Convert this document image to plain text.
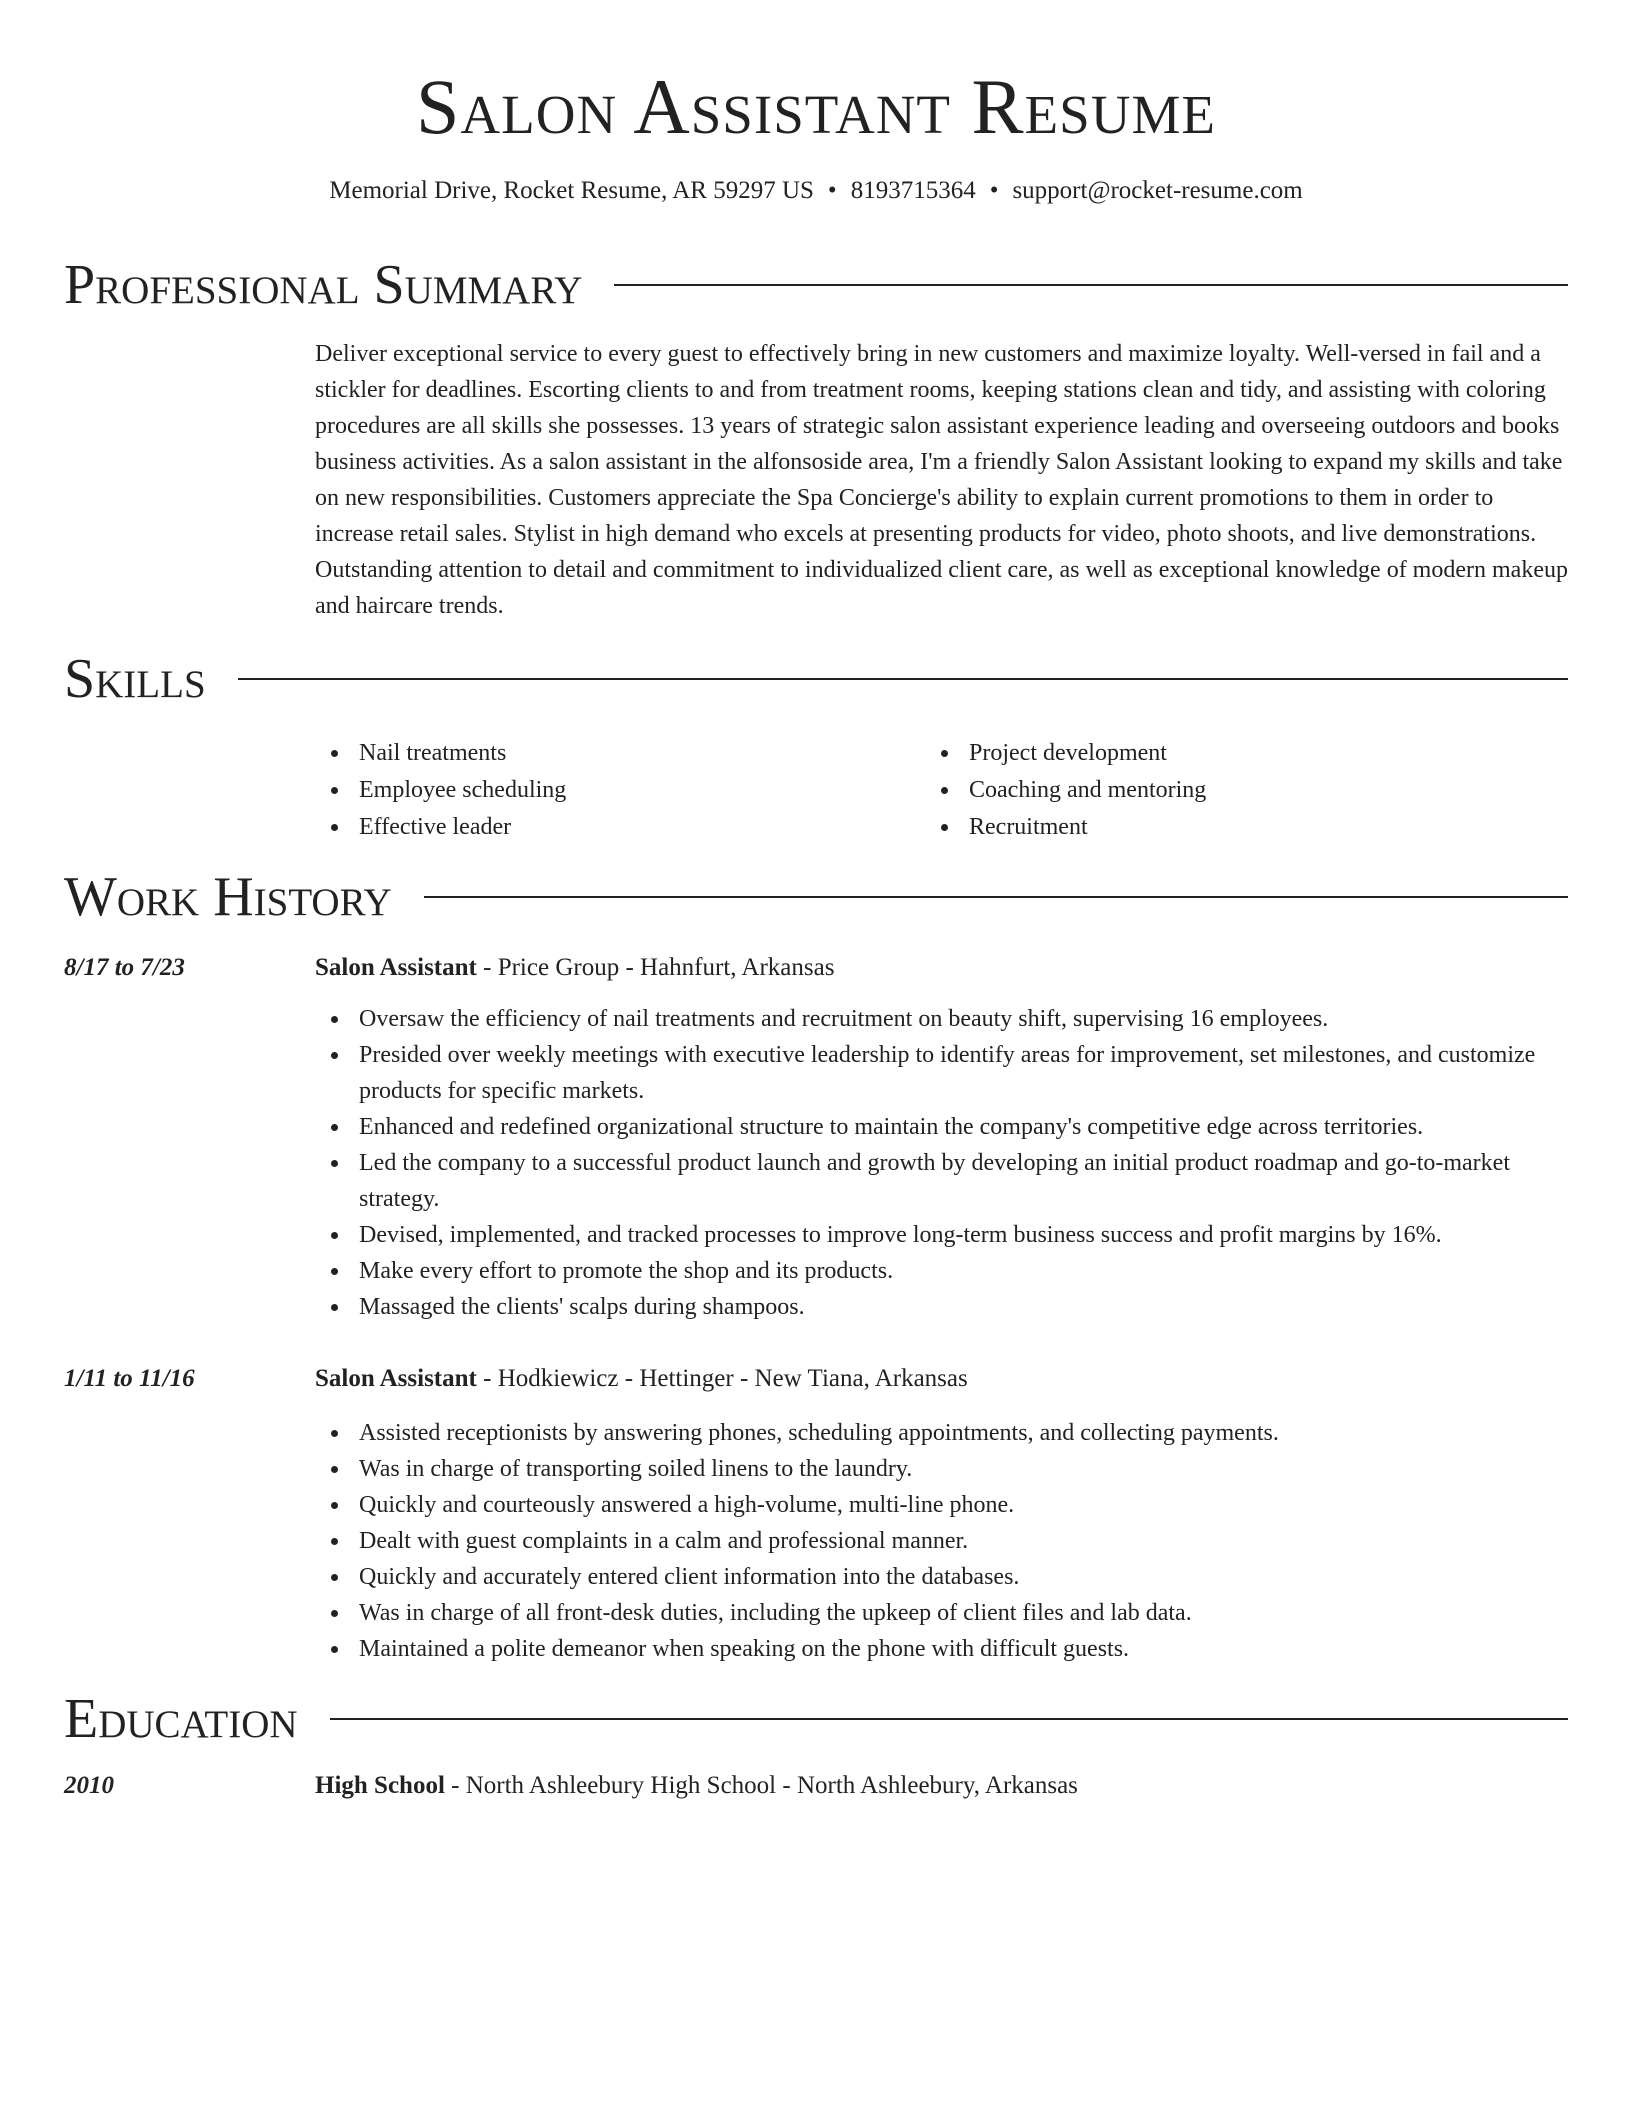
Salon Assistant Resume
Memorial Drive, Rocket Resume, AR 59297 US • 8193715364 • support@rocket-resume.com
Professional Summary

Deliver exceptional service to every guest to effectively bring in new customers and maximize loyalty. Well-versed in fail and a stickler for deadlines. Escorting clients to and from treatment rooms, keeping stations clean and tidy, and assisting with coloring procedures are all skills she possesses. 13 years of strategic salon assistant experience leading and overseeing outdoors and books business activities. As a salon assistant in the alfonsoside area, I'm a friendly Salon Assistant looking to expand my skills and take on new responsibilities. Customers appreciate the Spa Concierge's ability to explain current promotions to them in order to increase retail sales. Stylist in high demand who excels at presenting products for video, photo shoots, and live demonstrations. Outstanding attention to detail and commitment to individualized client care, as well as exceptional knowledge of modern makeup and haircare trends.

Skills
Nail treatments
Employee scheduling
Effective leader
Project development
Coaching and mentoring
Recruitment
Work History
8/17 to 7/23	Salon Assistant - Price Group - Hahnfurt, Arkansas
Oversaw the efficiency of nail treatments and recruitment on beauty shift, supervising 16 employees.
Presided over weekly meetings with executive leadership to identify areas for improvement, set milestones, and customize products for specific markets.
Enhanced and redefined organizational structure to maintain the company's competitive edge across territories.
Led the company to a successful product launch and growth by developing an initial product roadmap and go-to-market strategy.
Devised, implemented, and tracked processes to improve long-term business success and profit margins by 16%.
Make every effort to promote the shop and its products.
Massaged the clients' scalps during shampoos.
1/11 to 11/16	Salon Assistant - Hodkiewicz - Hettinger - New Tiana, Arkansas
Assisted receptionists by answering phones, scheduling appointments, and collecting payments.
Was in charge of transporting soiled linens to the laundry.
Quickly and courteously answered a high-volume, multi-line phone.
Dealt with guest complaints in a calm and professional manner.
Quickly and accurately entered client information into the databases.
Was in charge of all front-desk duties, including the upkeep of client files and lab data.
Maintained a polite demeanor when speaking on the phone with difficult guests.
Education
2010	High School - North Ashleebury High School - North Ashleebury, Arkansas
